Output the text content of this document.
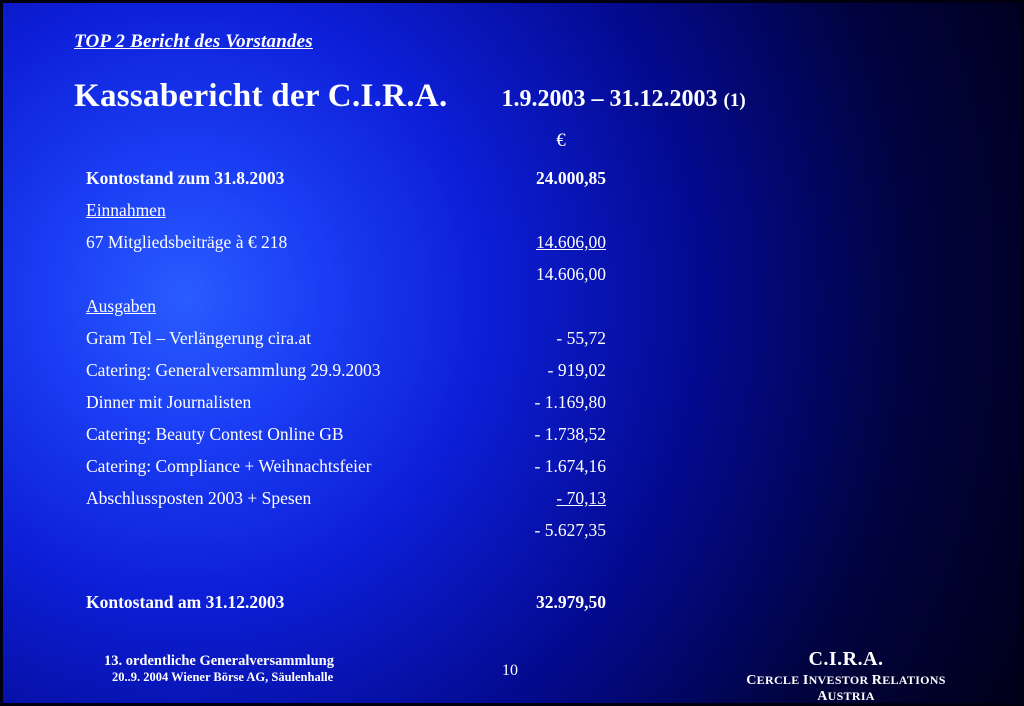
TOP 2 Bericht des Vorstandes
Kassabericht der C.I.R.A. 1.9.2003 – 31.12.2003 (1)
€
Kontostand zum 31.8.2003	24.000,85
Einnahmen
67 Mitgliedsbeiträge à € 218	14.606,00
14.606,00
Ausgaben
Gram Tel – Verlängerung cira.at	- 55,72
Catering: Generalversammlung 29.9.2003	- 919,02
Dinner mit Journalisten	- 1.169,80
Catering: Beauty Contest Online GB	- 1.738,52
Catering: Compliance + Weihnachtsfeier	- 1.674,16
Abschlussposten 2003 + Spesen	- 70,13
- 5.627,35
Kontostand am 31.12.2003	32.979,50
13. ordentliche Generalversammlung
20..9. 2004 Wiener Börse AG, Säulenhalle	10
C.I.R.A.
CERCLE INVESTOR RELATIONS AUSTRIA
